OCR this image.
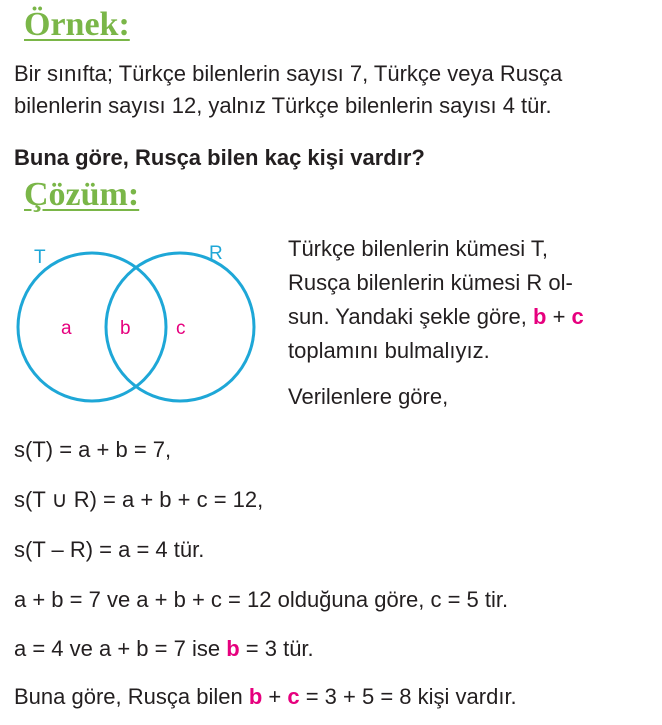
Örnek:
Bir sınıfta; Türkçe bilenlerin sayısı 7, Türkçe veya Rusça
bilenlerin sayısı 12, yalnız Türkçe bilenlerin sayısı 4 tür.
Buna göre, Rusça bilen kaç kişi vardır?
Çözüm:
T	R
a	b c
Türkçe bilenlerin kümesi T,
Rusça bilenlerin kümesi R ol-
sun. Yandaki şekle göre, b + c
toplamını bulmalıyız.
Verilenlere göre,
s(T) = a + b = 7,
s(T ∪ R) = a + b + c = 12,
s(T – R) = a = 4 tür.
a + b = 7 ve a + b + c = 12 olduğuna göre, c = 5 tir.
a = 4 ve a + b = 7 ise b = 3 tür.
Buna göre, Rusça bilen b + c = 3 + 5 = 8 kişi vardır.
